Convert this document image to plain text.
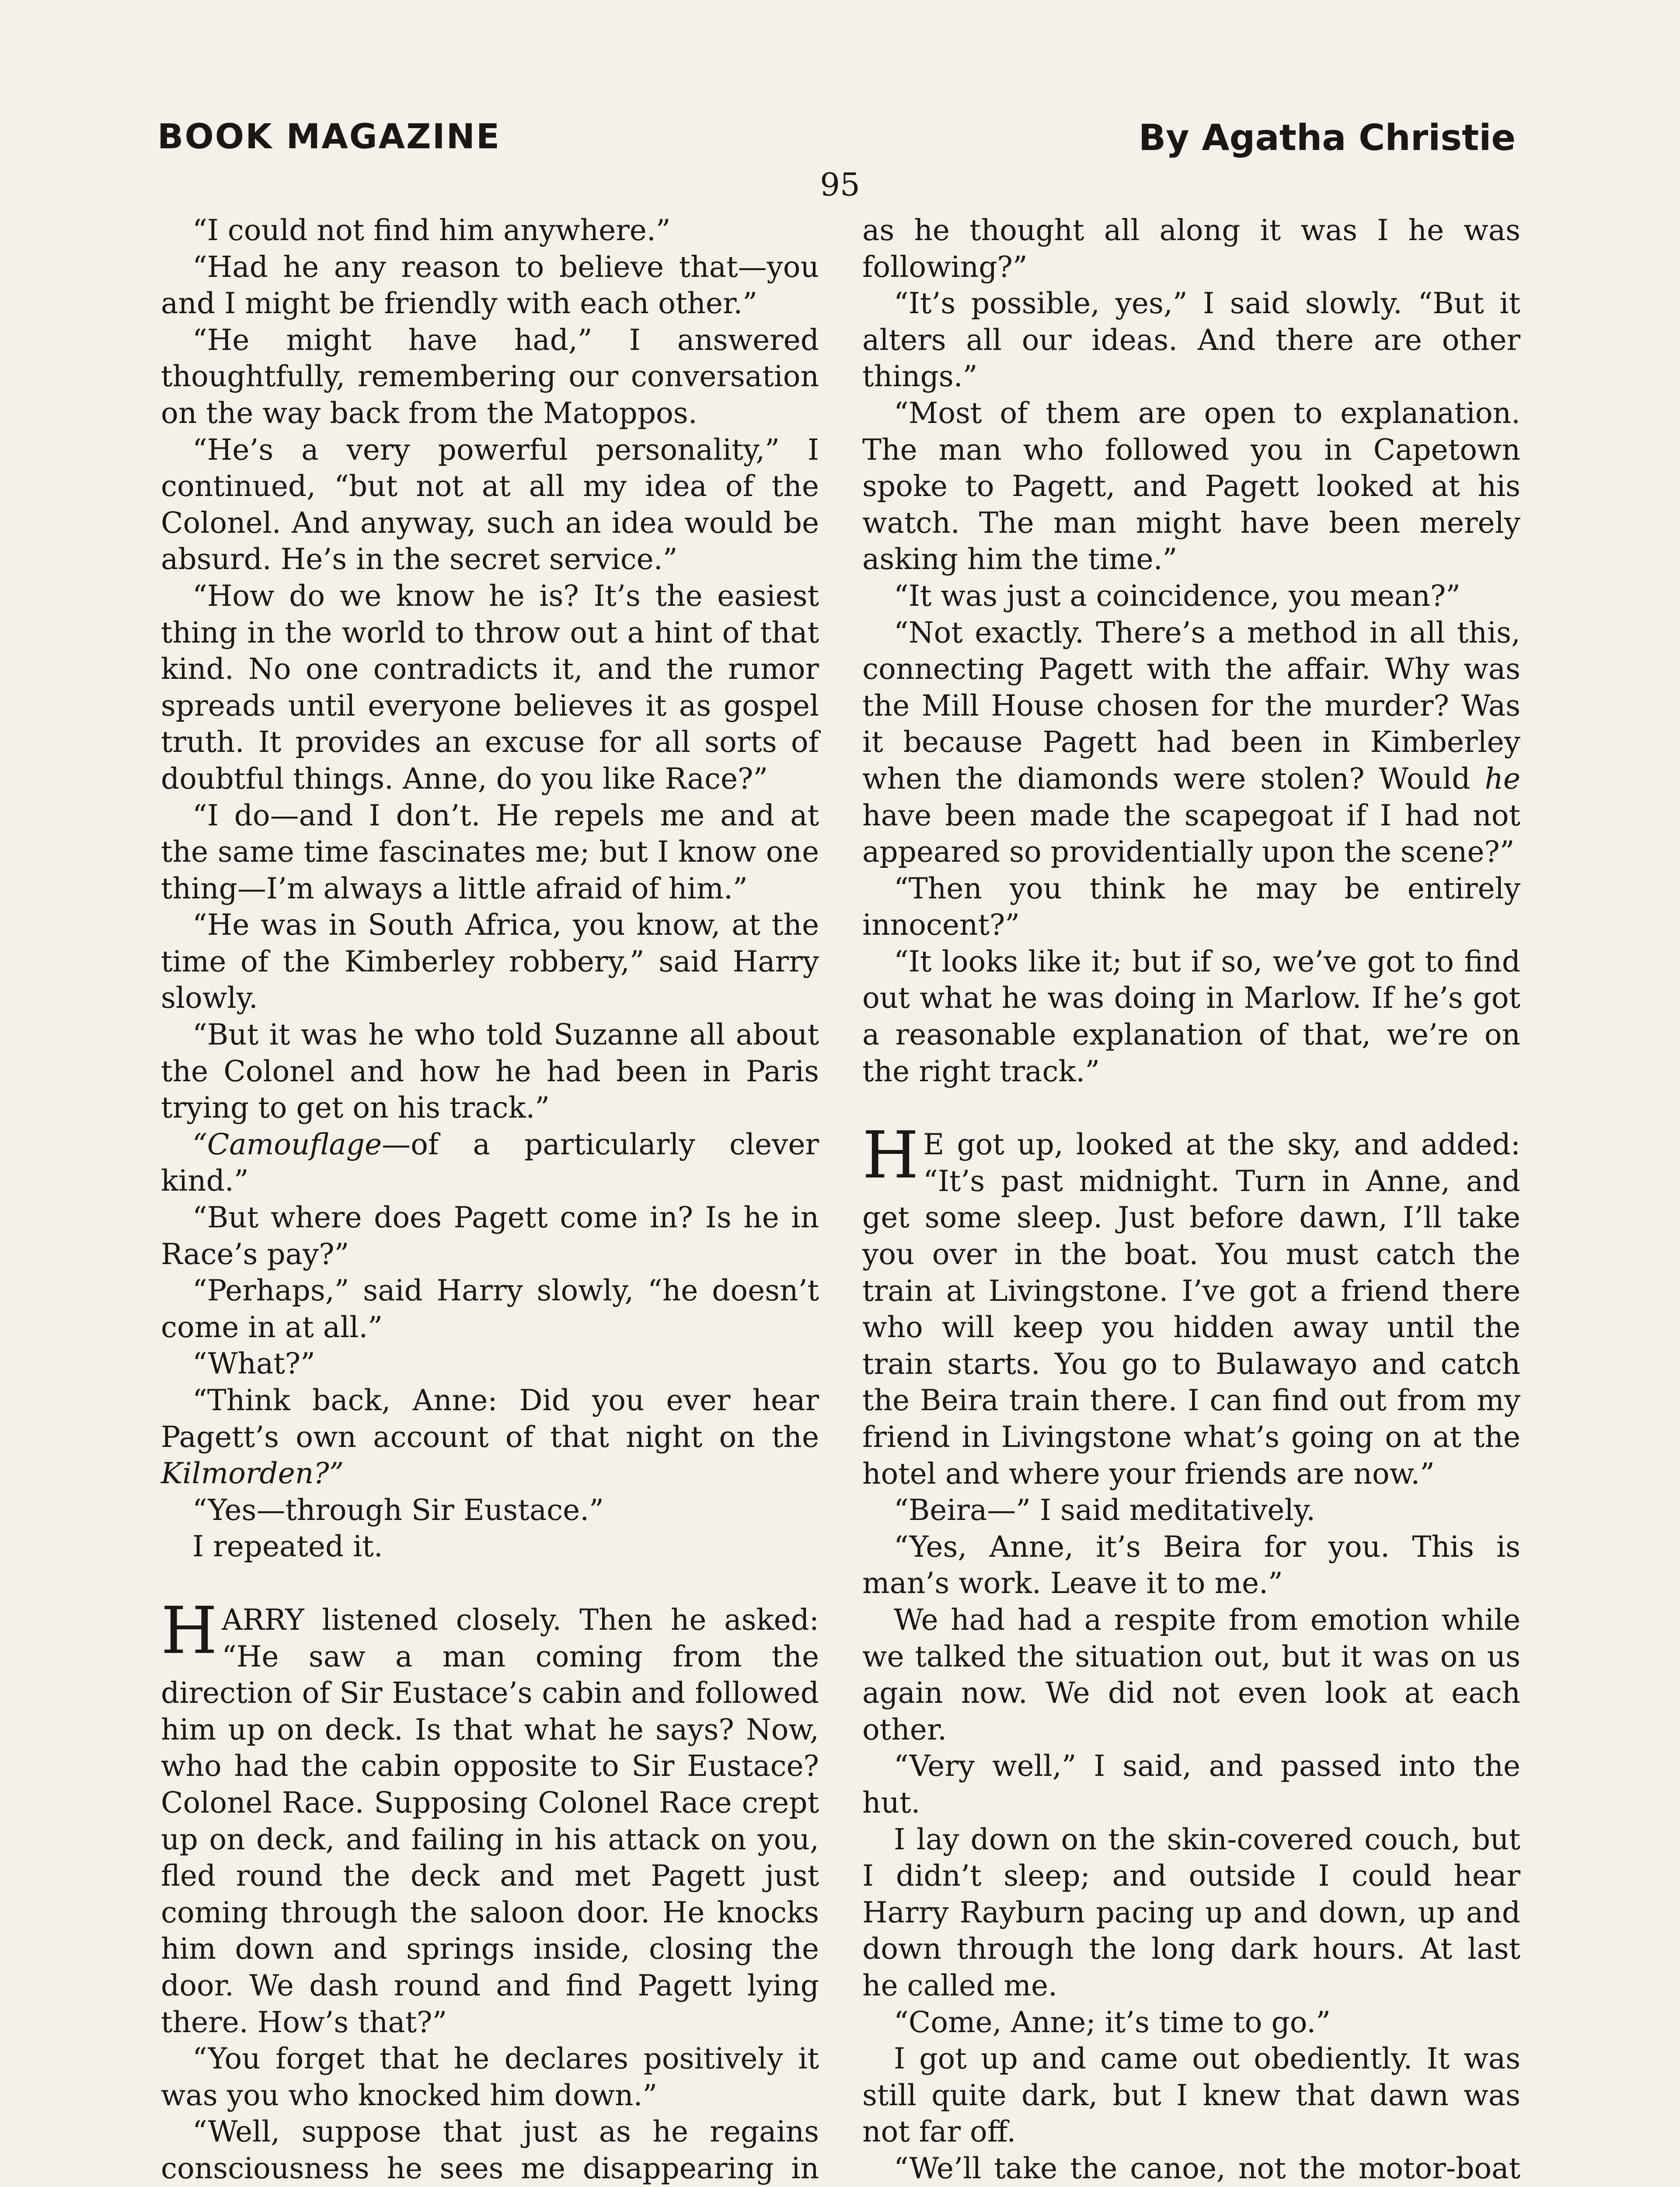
BOOK MAGAZINE	By Agatha Christie
95

“I could not find him anywhere.”

“Had he any reason to believe that—you and I might be friendly with each other.”

“He might have had,” I answered thoughtfully, remembering our conversation on the way back from the Matoppos.

“He’s a very powerful personality,” I continued, “but not at all my idea of the Colonel. And anyway, such an idea would be absurd. He’s in the secret service.”

“How do we know he is? It’s the easiest thing in the world to throw out a hint of that kind. No one contradicts it, and the rumor spreads until everyone believes it as gospel truth. It provides an excuse for all sorts of doubtful things. Anne, do you like Race?”

“I do—and I don’t. He repels me and at the same time fascinates me; but I know one thing—I’m always a little afraid of him.”

“He was in South Africa, you know, at the time of the Kimberley robbery,” said Harry slowly.

“But it was he who told Suzanne all about the Colonel and how he had been in Paris trying to get on his track.”

“Camouflage—of a particularly clever kind.”

“But where does Pagett come in? Is he in Race’s pay?”

“Perhaps,” said Harry slowly, “he doesn’t come in at all.”

“What?”

“Think back, Anne: Did you ever hear Pagett’s own account of that night on the Kilmorden?”

“Yes—through Sir Eustace.”

I repeated it.

HARRY listened closely. Then he asked: “He saw a man coming from the direction of Sir Eustace’s cabin and followed him up on deck. Is that what he says? Now, who had the cabin opposite to Sir Eustace? Colonel Race. Supposing Colonel Race crept up on deck, and failing in his attack on you, fled round the deck and met Pagett just coming through the saloon door. He knocks him down and springs inside, closing the door. We dash round and find Pagett lying there. How’s that?”

“You forget that he declares positively it was you who knocked him down.”

“Well, suppose that just as he regains consciousness he sees me disappearing in

as he thought all along it was I he was following?”

“It’s possible, yes,” I said slowly. “But it alters all our ideas. And there are other things.”

“Most of them are open to explanation. The man who followed you in Capetown spoke to Pagett, and Pagett looked at his watch. The man might have been merely asking him the time.”

“It was just a coincidence, you mean?”

“Not exactly. There’s a method in all this, connecting Pagett with the affair. Why was the Mill House chosen for the murder? Was it because Pagett had been in Kimberley when the diamonds were stolen? Would he have been made the scapegoat if I had not appeared so providentially upon the scene?”

“Then you think he may be entirely innocent?”

“It looks like it; but if so, we’ve got to find out what he was doing in Marlow. If he’s got a reasonable explanation of that, we’re on the right track.”

H E got up, looked at the sky, and added: “It’s past midnight. Turn in Anne, and get some sleep. Just before dawn, I’ll take you over in the boat. You must catch the train at Livingstone. I’ve got a friend there who will keep you hidden away until the train starts. You go to Bulawayo and catch the Beira train there. I can find out from my friend in Livingstone what’s going on at the hotel and where your friends are now.”

“Beira—” I said meditatively.

“Yes, Anne, it’s Beira for you. This is man’s work. Leave it to me.”

We had had a respite from emotion while we talked the situation out, but it was on us again now. We did not even look at each other.

“Very well,” I said, and passed into the hut.

I lay down on the skin-covered couch, but I didn’t sleep; and outside I could hear Harry Rayburn pacing up and down, up and down through the long dark hours. At last he called me.

“Come, Anne; it’s time to go.”

I got up and came out obediently. It was still quite dark, but I knew that dawn was not far off.

“We’ll take the canoe, not the motor-boat
